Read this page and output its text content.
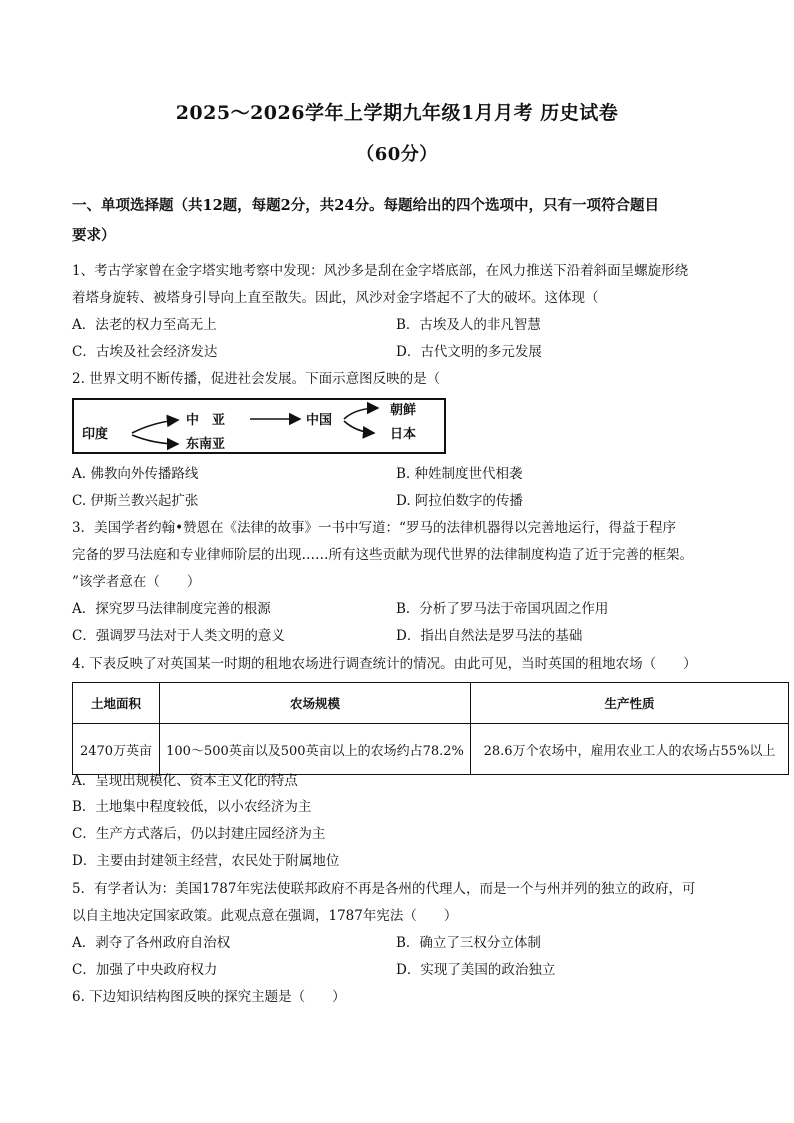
2025～2026学年上学期九年级1月月考 历史试卷
（60分）
一、单项选择题（共12题，每题2分，共24分。每题给出的四个选项中，只有一项符合题目
要求）
1、考古学家曾在金字塔实地考察中发现：风沙多是刮在金字塔底部，在风力推送下沿着斜面呈螺旋形绕
着塔身旋转、被塔身引导向上直至散失。因此，风沙对金字塔起不了大的破坏。这体现（
A．法老的权力至高无上	B．古埃及人的非凡智慧
C．古埃及社会经济发达	D．古代文明的多元发展
2. 世界文明不断传播，促进社会发展。下面示意图反映的是（
印度
中　亚
东南亚
中国
朝鲜
日本
A. 佛教向外传播路线	B. 种姓制度世代相袭
C. 伊斯兰教兴起扩张	D. 阿拉伯数字的传播
3．美国学者约翰•赞恩在《法律的故事》一书中写道：“罗马的法律机器得以完善地运行，得益于程序
完备的罗马法庭和专业律师阶层的出现……所有这些贡献为现代世界的法律制度构造了近于完善的框架。
”该学者意在（　　）
A．探究罗马法律制度完善的根源	B．分析了罗马法于帝国巩固之作用
C．强调罗马法对于人类文明的意义	D．指出自然法是罗马法的基础
4. 下表反映了对英国某一时期的租地农场进行调查统计的情况。由此可见，当时英国的租地农场（　　）
土地面积	农场规模	生产性质
2470万英亩	100～500英亩以及500英亩以上的农场约占78.2%	28.6万个农场中，雇用农业工人的农场占55%以上
A．呈现出规模化、资本主义化的特点
B．土地集中程度较低，以小农经济为主
C．生产方式落后，仍以封建庄园经济为主
D．主要由封建领主经营，农民处于附属地位
5．有学者认为：美国1787年宪法使联邦政府不再是各州的代理人，而是一个与州并列的独立的政府，可
以自主地决定国家政策。此观点意在强调，1787年宪法（　　）
A．剥夺了各州政府自治权	B．确立了三权分立体制
C．加强了中央政府权力	D．实现了美国的政治独立
6. 下边知识结构图反映的探究主题是（　　）
